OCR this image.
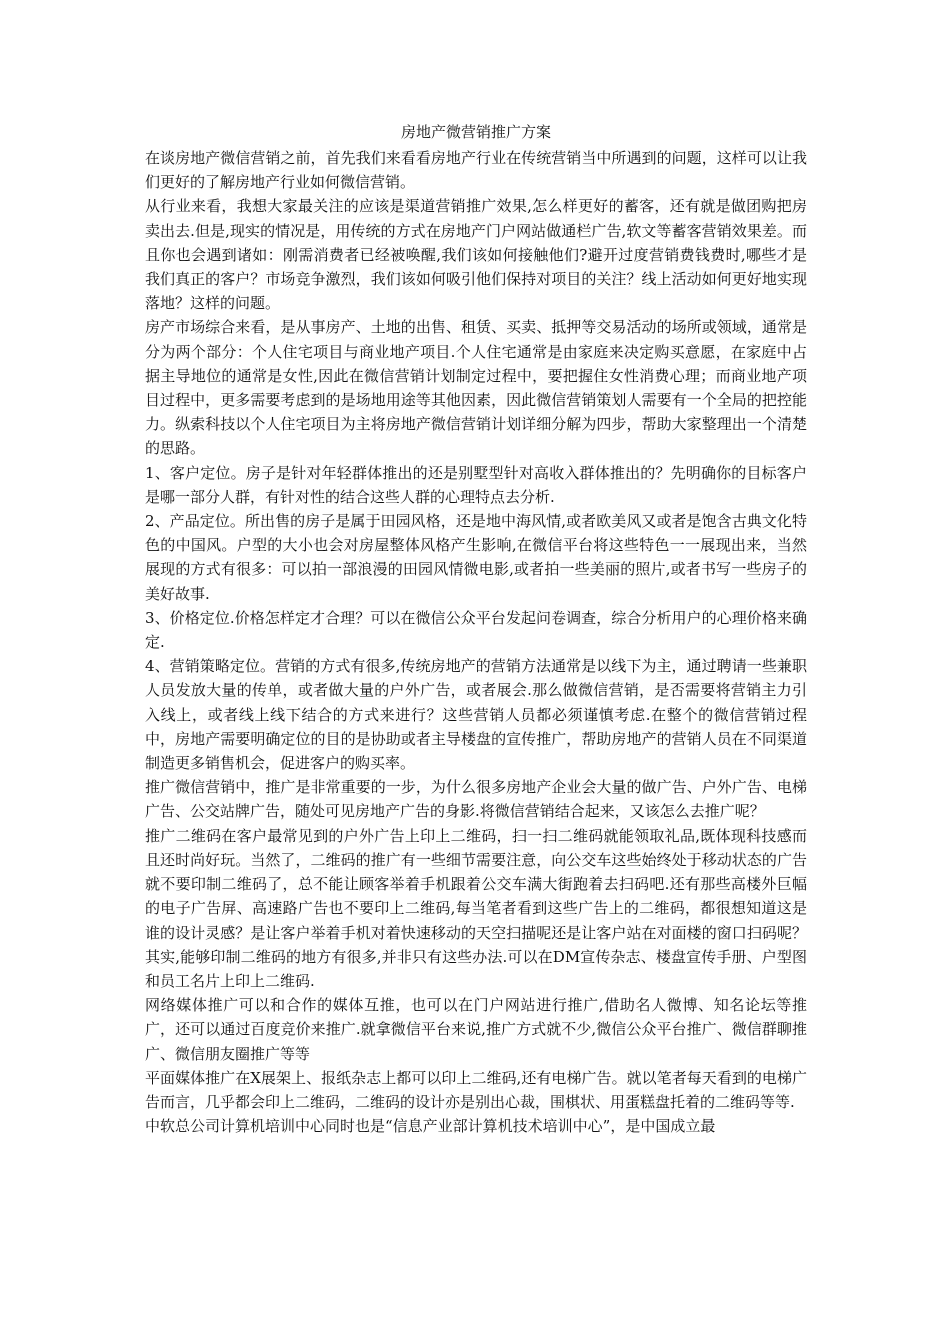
房地产微营销推广方案

在谈房地产微信营销之前，首先我们来看看房地产行业在传统营销当中所遇到的问题，这样可以让我们更好的了解房地产行业如何微信营销。

从行业来看，我想大家最关注的应该是渠道营销推广效果,怎么样更好的蓄客，还有就是做团购把房卖出去.但是,现实的情况是，用传统的方式在房地产门户网站做通栏广告,软文等蓄客营销效果差。而且你也会遇到诸如：刚需消费者已经被唤醒,我们该如何接触他们?避开过度营销费钱费时,哪些才是我们真正的客户？市场竞争激烈，我们该如何吸引他们保持对项目的关注？线上活动如何更好地实现落地？这样的问题。

房产市场综合来看，是从事房产、土地的出售、租赁、买卖、抵押等交易活动的场所或领域，通常是分为两个部分：个人住宅项目与商业地产项目.个人住宅通常是由家庭来决定购买意愿，在家庭中占据主导地位的通常是女性,因此在微信营销计划制定过程中，要把握住女性消费心理；而商业地产项目过程中，更多需要考虑到的是场地用途等其他因素，因此微信营销策划人需要有一个全局的把控能力。纵索科技以个人住宅项目为主将房地产微信营销计划详细分解为四步，帮助大家整理出一个清楚的思路。

1、客户定位。房子是针对年轻群体推出的还是别墅型针对高收入群体推出的？先明确你的目标客户是哪一部分人群，有针对性的结合这些人群的心理特点去分析.

2、产品定位。所出售的房子是属于田园风格，还是地中海风情,或者欧美风又或者是饱含古典文化特色的中国风。户型的大小也会对房屋整体风格产生影响,在微信平台将这些特色一一展现出来，当然展现的方式有很多：可以拍一部浪漫的田园风情微电影,或者拍一些美丽的照片,或者书写一些房子的美好故事.

3、价格定位.价格怎样定才合理？可以在微信公众平台发起问卷调查，综合分析用户的心理价格来确定.

4、营销策略定位。营销的方式有很多,传统房地产的营销方法通常是以线下为主，通过聘请一些兼职人员发放大量的传单，或者做大量的户外广告，或者展会.那么做微信营销，是否需要将营销主力引入线上，或者线上线下结合的方式来进行？这些营销人员都必须谨慎考虑.在整个的微信营销过程中，房地产需要明确定位的目的是协助或者主导楼盘的宣传推广，帮助房地产的营销人员在不同渠道制造更多销售机会，促进客户的购买率。

推广微信营销中，推广是非常重要的一步，为什么很多房地产企业会大量的做广告、户外广告、电梯广告、公交站牌广告，随处可见房地产广告的身影.将微信营销结合起来，又该怎么去推广呢？

推广二维码在客户最常见到的户外广告上印上二维码，扫一扫二维码就能领取礼品,既体现科技感而且还时尚好玩。当然了，二维码的推广有一些细节需要注意，向公交车这些始终处于移动状态的广告就不要印制二维码了，总不能让顾客举着手机跟着公交车满大街跑着去扫码吧.还有那些高楼外巨幅的电子广告屏、高速路广告也不要印上二维码,每当笔者看到这些广告上的二维码，都很想知道这是谁的设计灵感？是让客户举着手机对着快速移动的天空扫描呢还是让客户站在对面楼的窗口扫码呢？其实,能够印制二维码的地方有很多,并非只有这些办法.可以在DM宣传杂志、楼盘宣传手册、户型图和员工名片上印上二维码.

网络媒体推广可以和合作的媒体互推，也可以在门户网站进行推广,借助名人微博、知名论坛等推广，还可以通过百度竞价来推广.就拿微信平台来说,推广方式就不少,微信公众平台推广、微信群聊推广、微信朋友圈推广等等

平面媒体推广在X展架上、报纸杂志上都可以印上二维码,还有电梯广告。就以笔者每天看到的电梯广告而言，几乎都会印上二维码，二维码的设计亦是别出心裁，围棋状、用蛋糕盘托着的二维码等等.

中软总公司计算机培训中心同时也是“信息产业部计算机技术培训中心”，是中国成立最
